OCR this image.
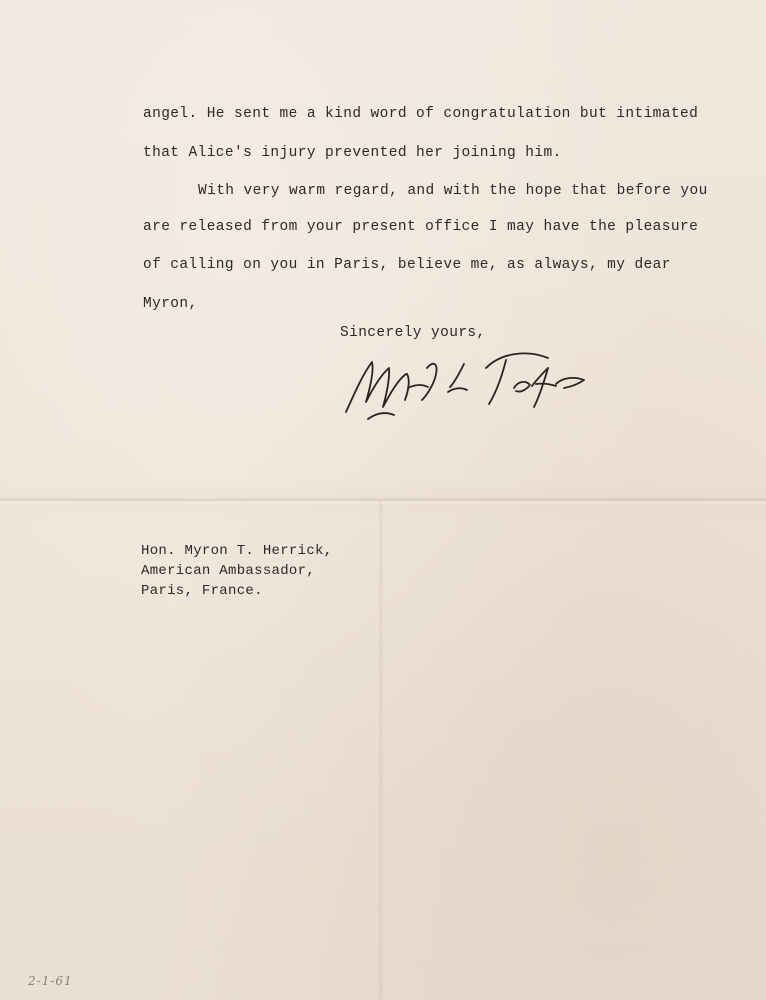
angel. He sent me a kind word of congratulation but intimated
that Alice's injury prevented her joining him.
With very warm regard, and with the hope that before you
are released from your present office I may have the pleasure
of calling on you in Paris, believe me, as always, my dear
Myron,
Sincerely yours,
Hon. Myron T. Herrick,
American Ambassador,
Paris, France.
2-1-61
